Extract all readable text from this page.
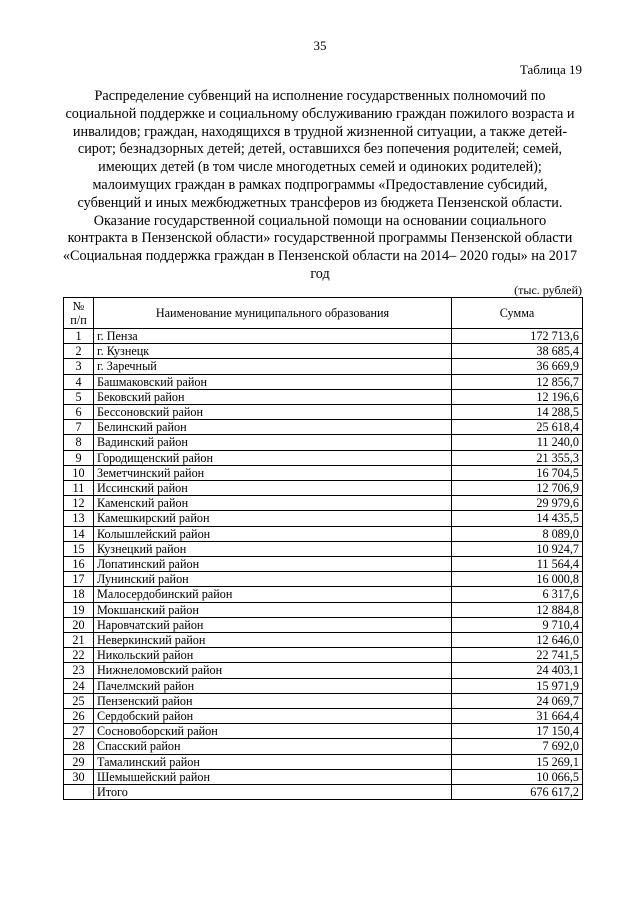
35
Таблица 19
Распределение субвенций на исполнение государственных полномочий по социальной поддержке и социальному обслуживанию граждан пожилого возраста и инвалидов; граждан, находящихся в трудной жизненной ситуации, а также детей-сирот; безнадзорных детей; детей, оставшихся без попечения родителей; семей, имеющих детей (в том числе многодетных семей и одиноких родителей); малоимущих граждан в рамках подпрограммы «Предоставление субсидий, субвенций и иных межбюджетных трансферов из бюджета Пензенской области. Оказание государственной социальной помощи на основании социального контракта в Пензенской области» государственной программы Пензенской области «Социальная поддержка граждан в Пензенской области на 2014– 2020 годы» на 2017 год
(тыс. рублей)
№ п/п	Наименование муниципального образования	Сумма
1	г. Пенза	172 713,6
2	г. Кузнецк	38 685,4
3	г. Заречный	36 669,9
4	Башмаковский район	12 856,7
5	Бековский район	12 196,6
6	Бессоновский район	14 288,5
7	Белинский район	25 618,4
8	Вадинский район	11 240,0
9	Городищенский район	21 355,3
10	Земетчинский район	16 704,5
11	Иссинский район	12 706,9
12	Каменский район	29 979,6
13	Камешкирский район	14 435,5
14	Колышлейский район	8 089,0
15	Кузнецкий район	10 924,7
16	Лопатинский район	11 564,4
17	Лунинский район	16 000,8
18	Малосердобинский район	6 317,6
19	Мокшанский район	12 884,8
20	Наровчатский район	9 710,4
21	Неверкинский район	12 646,0
22	Никольский район	22 741,5
23	Нижнеломовский район	24 403,1
24	Пачелмский район	15 971,9
25	Пензенский район	24 069,7
26	Сердобский район	31 664,4
27	Сосновоборский район	17 150,4
28	Спасский район	7 692,0
29	Тамалинский район	15 269,1
30	Шемышейский район	10 066,5
	Итого	676 617,2
